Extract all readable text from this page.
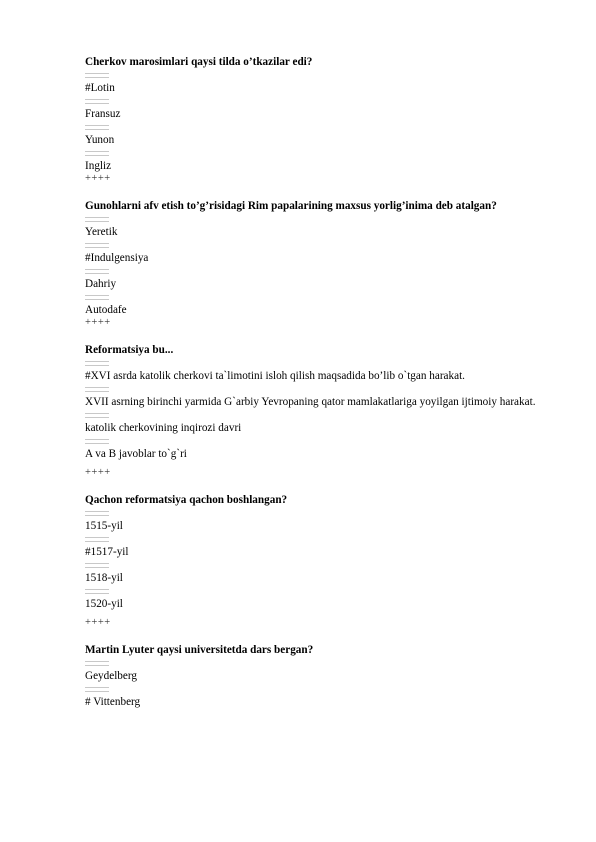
Cherkov marosimlari qaysi tilda o’tkazilar edi?
#Lotin
Fransuz
Yunon
Ingliz
++++
Gunohlarni afv etish to’g’risidagi Rim papalarining maxsus yorlig’inima deb atalgan?
Yeretik
#Indulgensiya
Dahriy
Autodafe
++++
Reformatsiya bu...
#XVI asrda katolik cherkovi ta`limotini isloh qilish maqsadida bo’lib o`tgan harakat.
XVII asrning birinchi yarmida G`arbiy Yevropaning qator mamlakatlariga yoyilgan ijtimoiy harakat.
katolik cherkovining inqirozi davri
A va B javoblar to`g`ri
++++
Qachon reformatsiya qachon boshlangan?
1515-yil
#1517-yil
1518-yil
1520-yil
++++
Martin Lyuter qaysi universitetda dars bergan?
Geydelberg
# Vittenberg
